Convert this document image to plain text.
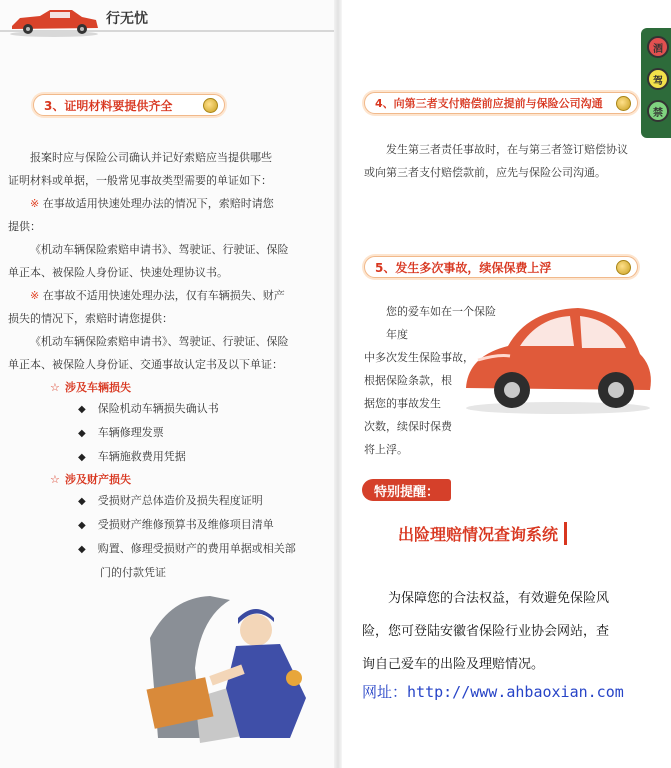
行无忧
3、证明材料要提供齐全
报案时应与保险公司确认并记好索赔应当提供哪些
证明材料或单据，一般常见事故类型需要的单证如下：
※ 在事故适用快速处理办法的情况下，索赔时请您
提供：
《机动车辆保险索赔申请书》、驾驶证、行驶证、保险
单正本、被保险人身份证、快速处理协议书。
※ 在事故不适用快速处理办法，仅有车辆损失、财产
损失的情况下，索赔时请您提供：
《机动车辆保险索赔申请书》、驾驶证、行驶证、保险
单正本、被保险人身份证、交通事故认定书及以下单证：
☆ 涉及车辆损失
◆ 保险机动车辆损失确认书
◆ 车辆修理发票
◆ 车辆施救费用凭据
☆ 涉及财产损失
◆ 受损财产总体造价及损失程度证明
◆ 受损财产维修预算书及维修项目清单
◆ 购置、修理受损财产的费用单据或相关部
门的付款凭证
酒
驾
禁
4、向第三者支付赔偿前应提前与保险公司沟通
发生第三者责任事故时，在与第三者签订赔偿协议
或向第三者支付赔偿款前，应先与保险公司沟通。
5、发生多次事故，续保保费上浮
您的爱车如在一个保险年度
中多次发生保险事故，
根据保险条款，根
据您的事故发生
次数，续保时保费
将上浮。
特别提醒：
出险理赔情况查询系统
为保障您的合法权益，有效避免保险风
险，您可登陆安徽省保险行业协会网站，查
询自己爱车的出险及理赔情况。
网址：http://www.ahbaoxian.com
